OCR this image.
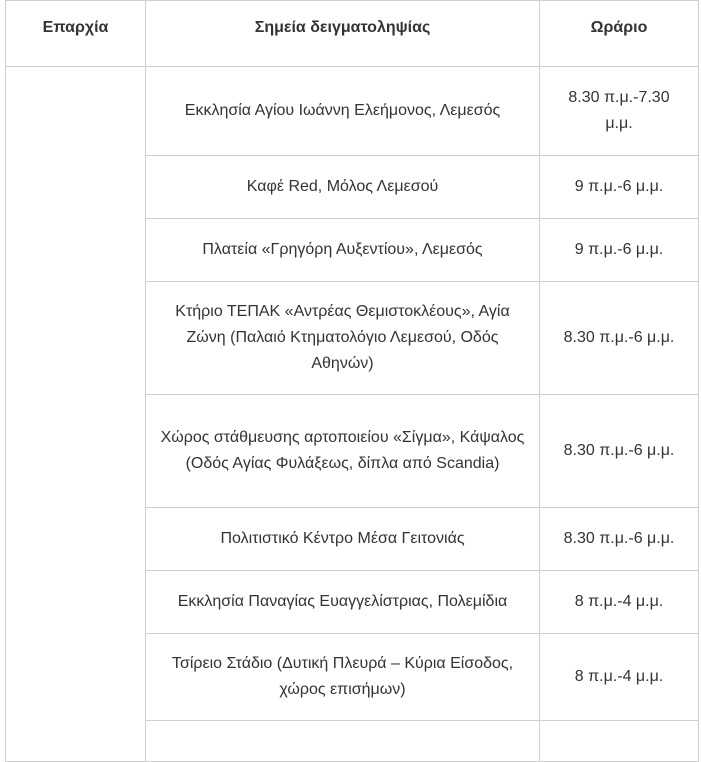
Επαρχία	Σημεία δειγματοληψίας	Ωράριο
	Εκκλησία Αγίου Ιωάννη Ελεήμονος, Λεμεσός	8.30 π.μ.-7.30 μ.μ.
	Καφέ Red, Μόλος Λεμεσού	9 π.μ.-6 μ.μ.
	Πλατεία «Γρηγόρη Αυξεντίου», Λεμεσός	9 π.μ.-6 μ.μ.
	Κτήριο ΤΕΠΑΚ «Αντρέας Θεμιστοκλέους», Αγία Ζώνη (Παλαιό Κτηματολόγιο Λεμεσού, Οδός Αθηνών)	8.30 π.μ.-6 μ.μ.
	Χώρος στάθμευσης αρτοποιείου «Σίγμα», Κάψαλος (Οδός Αγίας Φυλάξεως, δίπλα από Scandia)	8.30 π.μ.-6 μ.μ.
	Πολιτιστικό Κέντρο Μέσα Γειτονιάς	8.30 π.μ.-6 μ.μ.
	Εκκλησία Παναγίας Ευαγγελίστριας, Πολεμίδια	8 π.μ.-4 μ.μ.
	Τσίρειο Στάδιο (Δυτική Πλευρά – Κύρια Είσοδος, χώρος επισήμων)	8 π.μ.-4 μ.μ.
